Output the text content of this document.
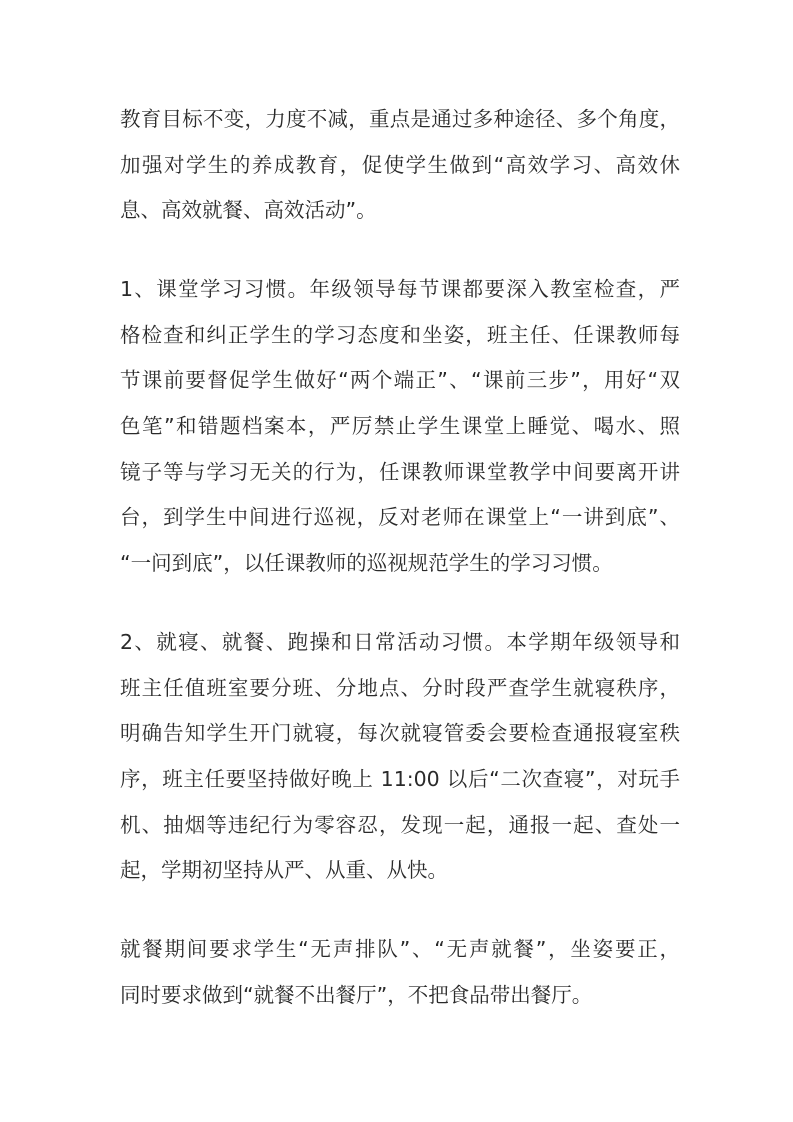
教育目标不变，力度不减，重点是通过多种途径、多个角度，
加强对学生的养成教育，促使学生做到“高效学习、高效休
息、高效就餐、高效活动”。
1、课堂学习习惯。年级领导每节课都要深入教室检查，严
格检查和纠正学生的学习态度和坐姿，班主任、任课教师每
节课前要督促学生做好“两个端正”、“课前三步”，用好“双
色笔”和错题档案本，严厉禁止学生课堂上睡觉、喝水、照
镜子等与学习无关的行为，任课教师课堂教学中间要离开讲
台，到学生中间进行巡视，反对老师在课堂上“一讲到底”、
“一问到底”，以任课教师的巡视规范学生的学习习惯。
2、就寝、就餐、跑操和日常活动习惯。本学期年级领导和
班主任值班室要分班、分地点、分时段严查学生就寝秩序，
明确告知学生开门就寝，每次就寝管委会要检查通报寝室秩
序，班主任要坚持做好晚上 11:00 以后“二次查寝”，对玩手
机、抽烟等违纪行为零容忍，发现一起，通报一起、查处一
起，学期初坚持从严、从重、从快。
就餐期间要求学生“无声排队”、“无声就餐”，坐姿要正，
同时要求做到“就餐不出餐厅”，不把食品带出餐厅。
